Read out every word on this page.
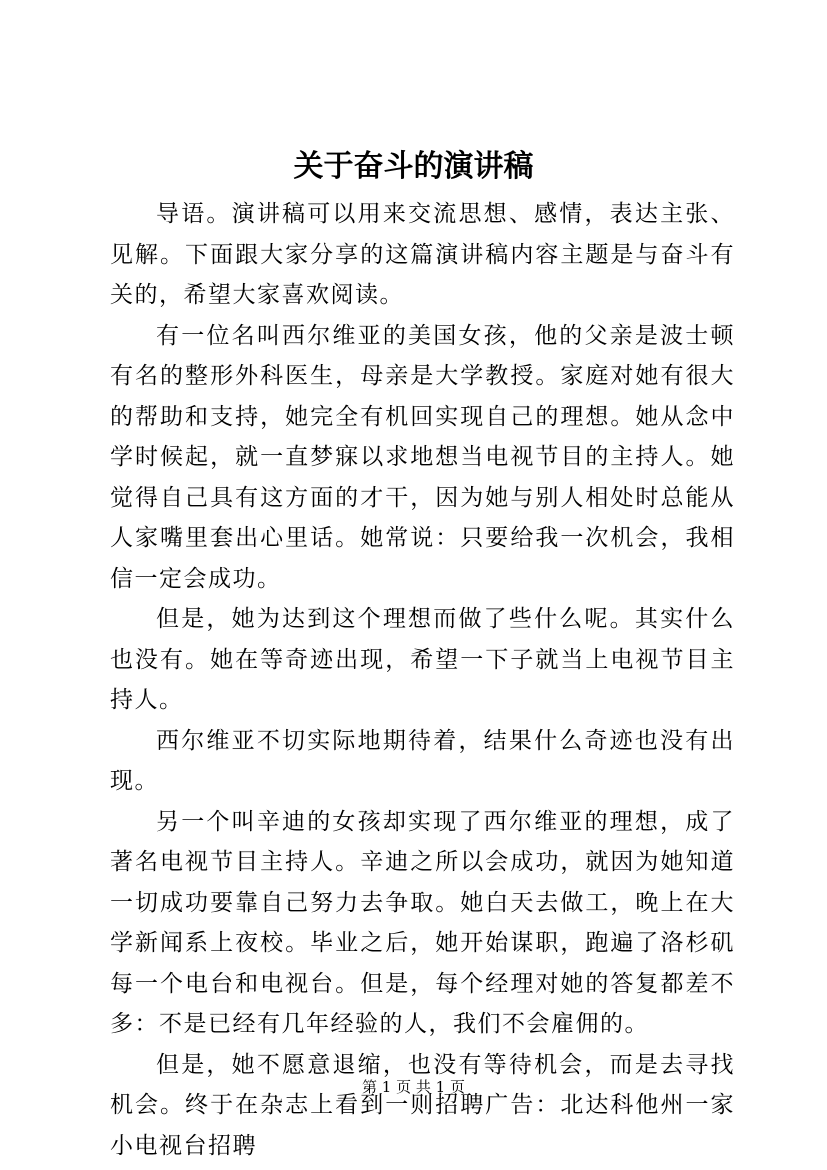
关于奋斗的演讲稿

导语。演讲稿可以用来交流思想、感情，表达主张、见解。下面跟大家分享的这篇演讲稿内容主题是与奋斗有关的，希望大家喜欢阅读。

有一位名叫西尔维亚的美国女孩，他的父亲是波士顿有名的整形外科医生，母亲是大学教授。家庭对她有很大的帮助和支持，她完全有机回实现自己的理想。她从念中学时候起，就一直梦寐以求地想当电视节目的主持人。她觉得自己具有这方面的才干，因为她与别人相处时总能从人家嘴里套出心里话。她常说：只要给我一次机会，我相信一定会成功。

但是，她为达到这个理想而做了些什么呢。其实什么也没有。她在等奇迹出现，希望一下子就当上电视节目主持人。

西尔维亚不切实际地期待着，结果什么奇迹也没有出现。

另一个叫辛迪的女孩却实现了西尔维亚的理想，成了著名电视节目主持人。辛迪之所以会成功，就因为她知道一切成功要靠自己努力去争取。她白天去做工，晚上在大学新闻系上夜校。毕业之后，她开始谋职，跑遍了洛杉矶每一个电台和电视台。但是，每个经理对她的答复都差不多：不是已经有几年经验的人，我们不会雇佣的。

但是，她不愿意退缩，也没有等待机会，而是去寻找机会。终于在杂志上看到一则招聘广告：北达科他州一家小电视台招聘

第 1 页 共 1 页
